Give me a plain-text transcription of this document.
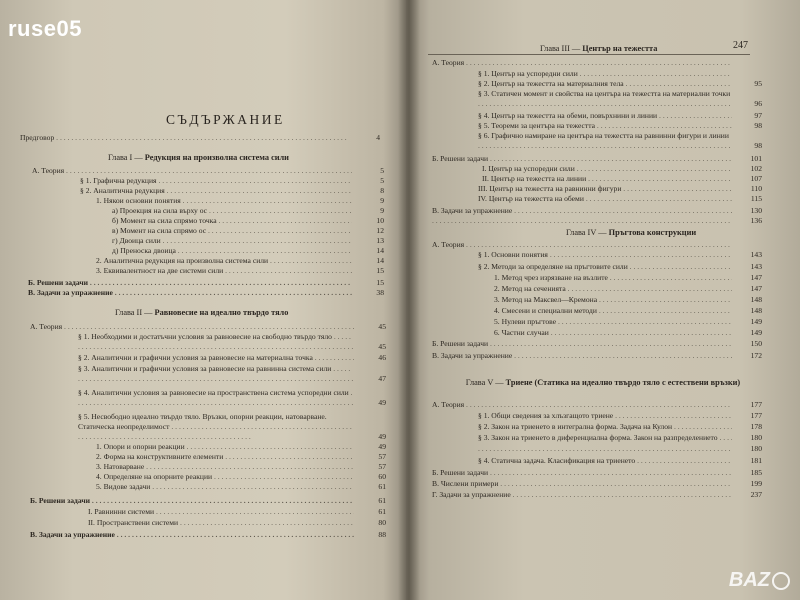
ruse05
СЪДЪРЖАНИЕ
247
Глава I — Редукция на произволна система сили
Глава II — Равновесие на идеално твърдо тяло
Глава III — Център на тежестта
Глава IV — Пръгтова конструкции
Глава V — Триене (Статика на идеално твърдо тяло с естествени връзки)
Предговор . . .	4
А. Теория . . .	5
§ 1. Графична редукция . . .	5
§ 2. Аналитична редукция . . .	8
1. Някои основни понятия . . .	9
а) Проекция на сила върху ос . . .	9
б) Момент на сила спрямо точка . . .	10
в) Момент на сила спрямо ос . . .	12
г) Двоица сили . . .	13
д) Преноска двоица . . .	14
2. Аналитична редукция на произволна система сили . . .	14
3. Еквивалентност на две системи сили . . .	15
Б. Решени задачи . . .	15
В. Задачи за упражнение . . .	38
А. Теория . . .	45
§ 1. Необходими и достатъчни условия за равновесие на свободно твърдо тяло . . .
45
§ 2. Аналитични и графични условия за равновесие на материална точка . . .	46
§ 3. Аналитични и графични условия за равновесие на равнинна система сили . . .
47
§ 4. Аналитични условия за равновесие на пространствена система успоредни сили . . .
49
§ 5. Несвободно идеално твърдо тяло. Връзки, опорни реакции, натоварване. Статическа неопределимост . . .
49
1. Опори и опорни реакции . . .	49
2. Форма на конструктивните елементи . . .	57
3. Натоварване . . .	57
4. Определяне на опорните реакции . . .	60
5. Видове задачи . . .	61
Б. Решени задачи . . .	61
I. Равнинни системи . . .	61
II. Пространствени системи . . .	80
В. Задачи за упражнение . . .	88
А. Теория . . .
§ 1. Център на успоредни сили . . .
§ 2. Център на тежестта на материалния тела . . .	95
§ 3. Статичен момент и свойства на центъра на тежестта на материални точки . . .
96
§ 4. Център на тежестта на обеми, повърхнини и линии . . .	97
§ 5. Теореми за центъра на тежестта . . .	98
§ 6. Графично намиране на центъра на тежестта на равнинни фигури и линии . . .
98
Б. Решени задачи . . .	101
I. Център на успоредни сили . . .	102
II. Център на тежестта на линии . . .	107
III. Център на тежестта на равнинни фигури . . .	110
IV. Център на тежестта на обеми . . .	115
В. Задачи за упражнение . . .	130
. . .
136
А. Теория . . .
§ 1. Основни понятия . . .	143
§ 2. Методи за определяне на пръгтовите сили . . .	143
1. Метод чрез изрязване на възлите . . .	147
2. Метод на сеченията . . .	147
3. Метод на Максвел—Кремона . . .	148
4. Смесени и специални методи . . .	148
5. Нулеви пръгтове . . .	149
6. Частни случаи . . .	149
Б. Решени задачи . . .	150
В. Задачи за упражнение . . .	172
А. Теория . . .	177
§ 1. Общи сведения за хлъзгащото триене . . .	177
§ 2. Закон на триенето в интегрална форма. Задача на Кулон . . .	178
§ 3. Закон на триенето в диференциална форма. Закон на разпределението . . .	180
. . .
180
§ 4. Статична задача. Класификация на триенето . . .	181
Б. Решени задачи . . .	185
В. Числени примери . . .	199
Г. Задачи за упражнение . . .	237
BAZ
